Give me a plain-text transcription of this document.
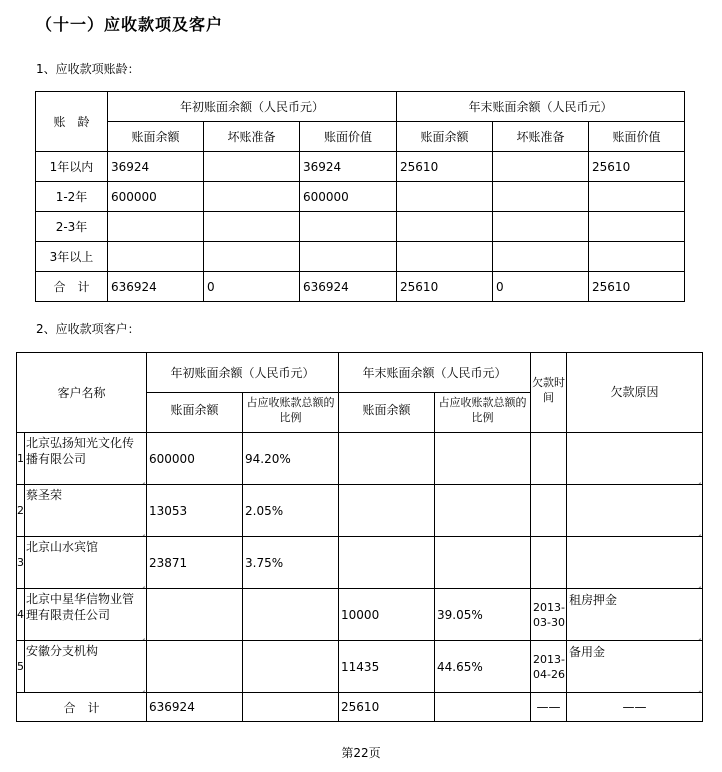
（十一）应收款项及客户
1、应收款项账龄：
账　龄	年初账面余额（人民币元）			年末账面余额（人民币元）		
	账面余额	坏账准备	账面价值	账面余额	坏账准备	账面价值
1年以内	36924		36924	25610		25610
1-2年	600000		600000			
2-3年						
3年以上						
合　计	636924	0	636924	25610	0	25610
2、应收款项客户：
客户名称		年初账面余额（人民币元）		年末账面余额（人民币元）		欠款时间	欠款原因
		账面余额	占应收账款总额的比例	账面余额	占应收账款总额的比例		
1	北京弘扬知光文化传播有限公司	600000	94.20%				

2	蔡圣荣	13053	2.05%				

3	北京山水宾馆	23871	3.75%				

4	北京中星华信物业管理有限责任公司			10000	39.05%	2013-03-30	租房押金

5	安徽分支机构			11435	44.65%	2013-04-26	备用金

合　计		636924		25610		——	——
第22页
